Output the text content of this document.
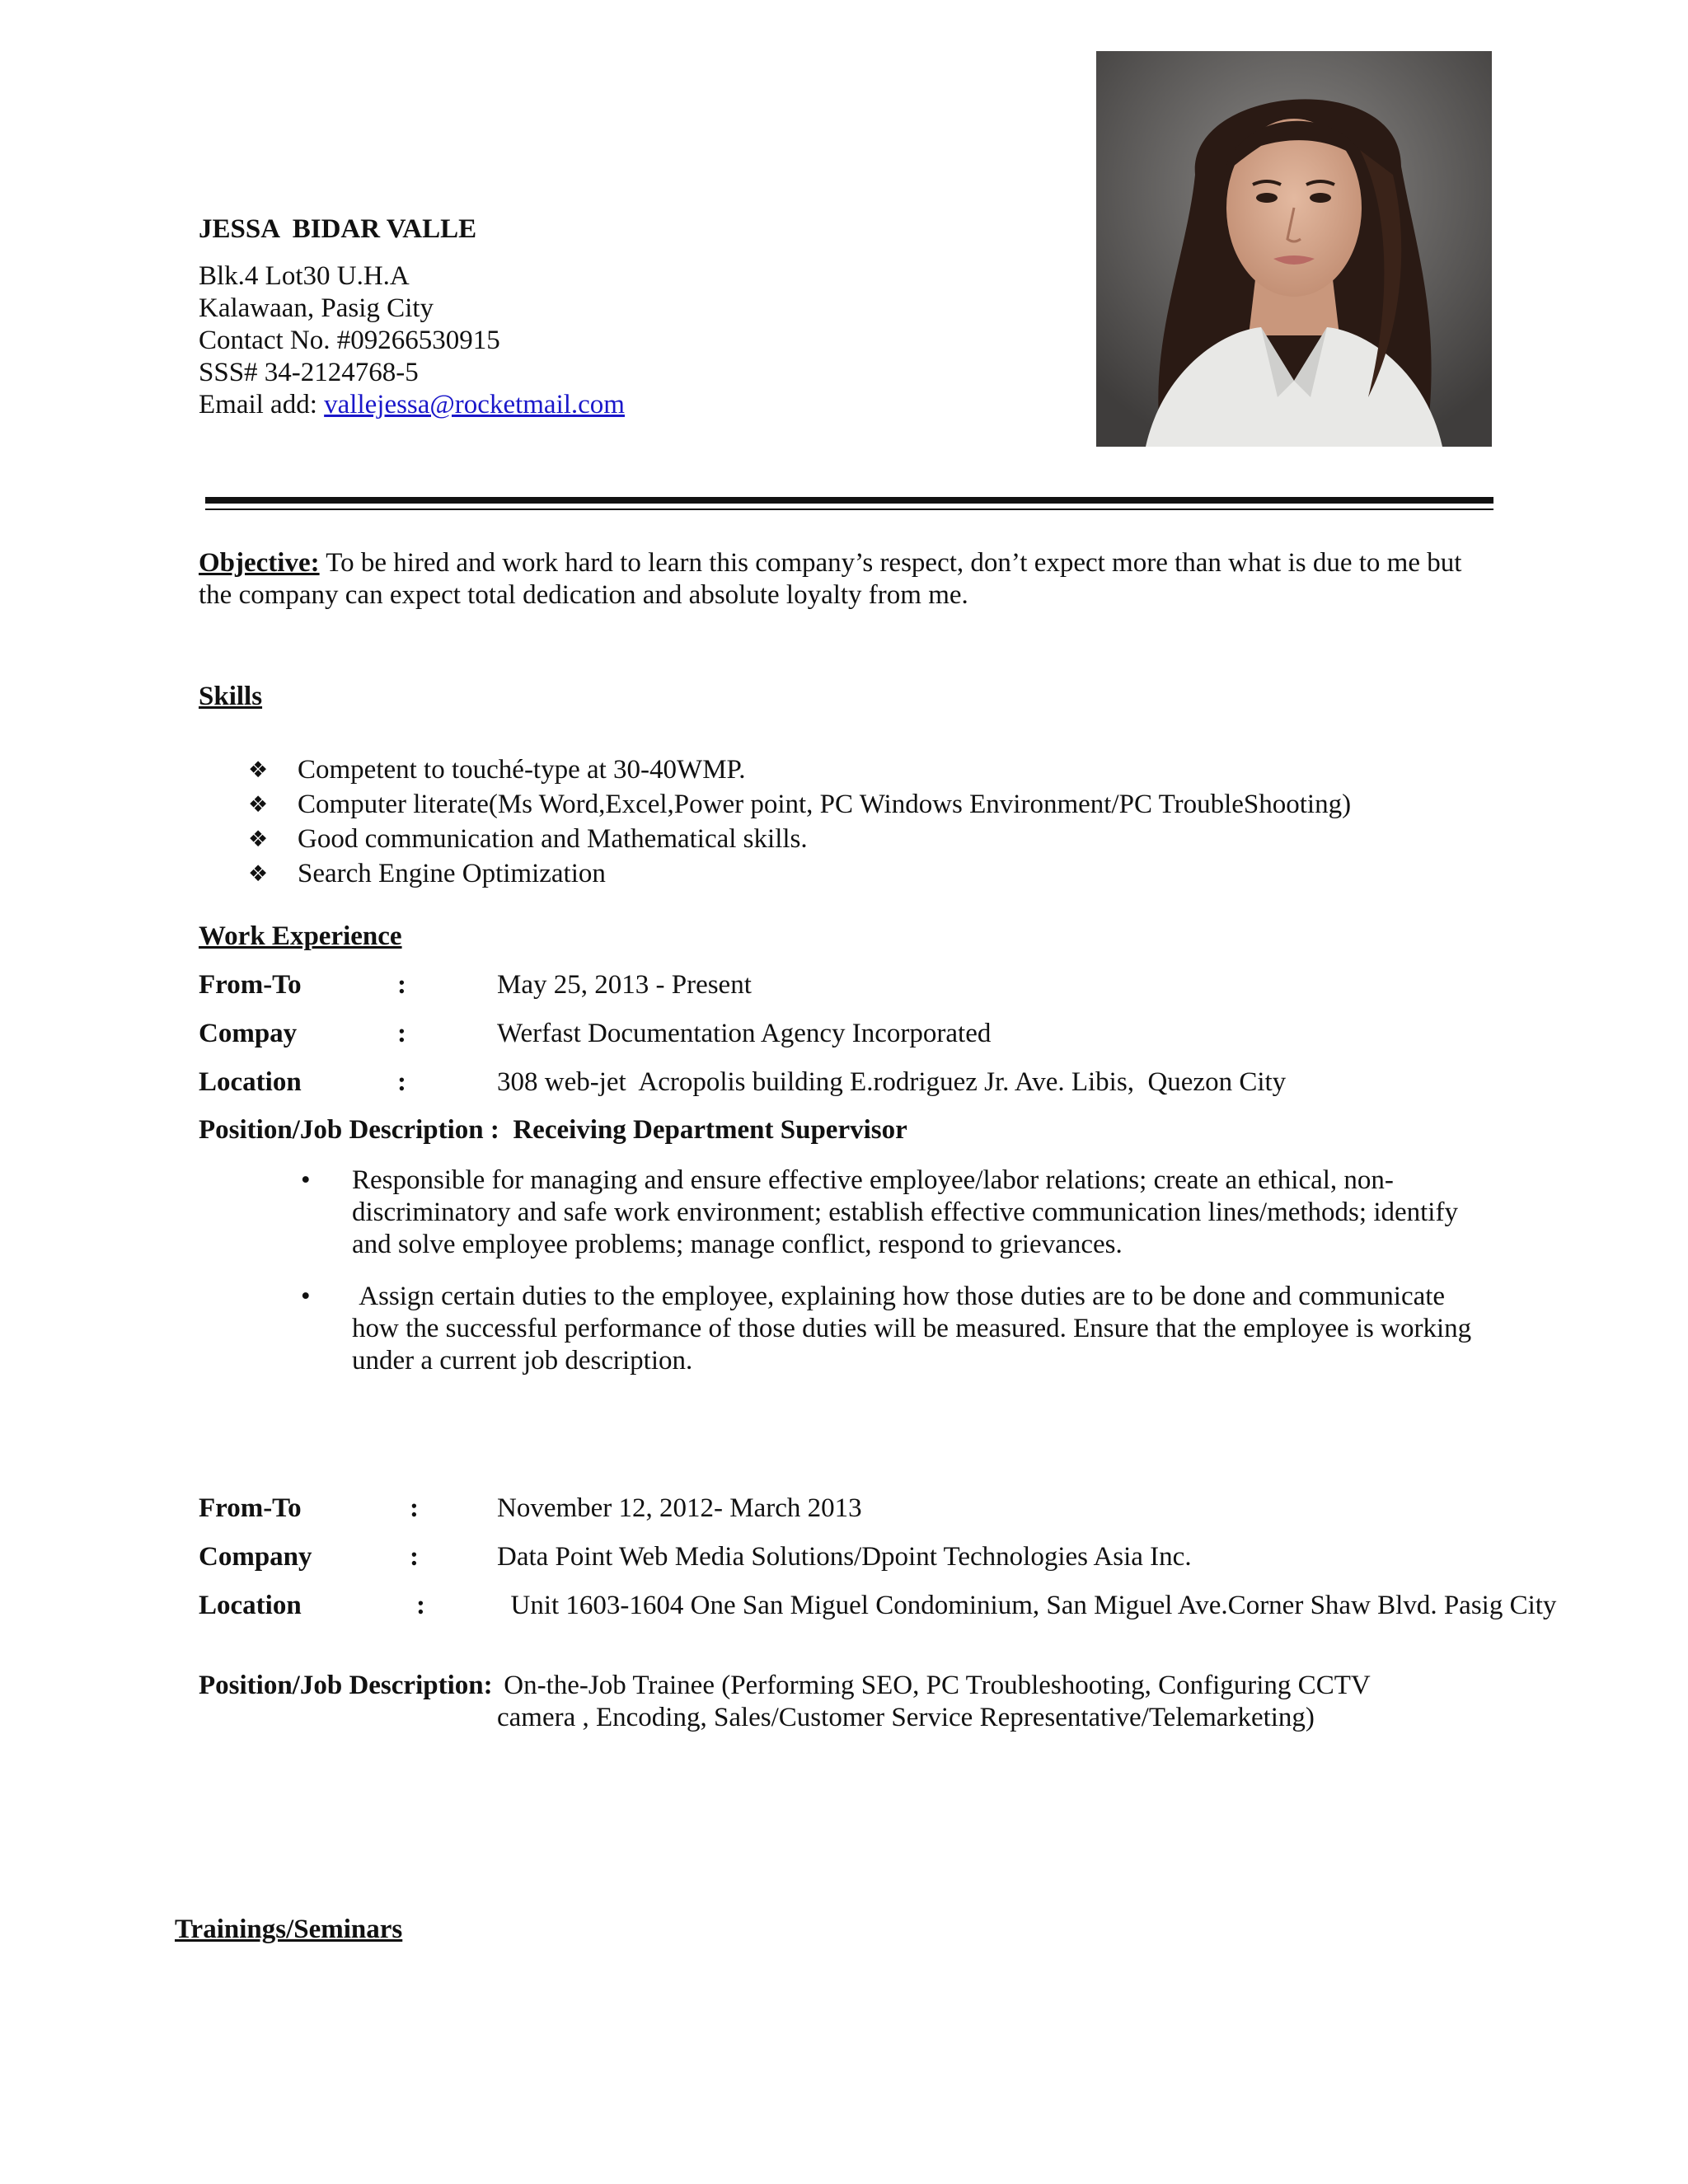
JESSA  BIDAR VALLE
Blk.4 Lot30 U.H.A
Kalawaan, Pasig City
Contact No. #09266530915
SSS# 34-2124768-5
Email add: vallejessa@rocketmail.com
Objective: To be hired and work hard to learn this company’s respect, don’t expect more than what is due to me but the company can expect total dedication and absolute loyalty from me.
Skills
❖ Competent to touché-type at 30-40WMP.
❖ Computer literate(Ms Word,Excel,Power point, PC Windows Environment/PC TroubleShooting)
❖ Good communication and Mathematical skills.
❖ Search Engine Optimization
Work Experience
From-To	:	May 25, 2013 - Present
Compay	:	Werfast Documentation Agency Incorporated
Location	:	308 web-jet  Acropolis building E.rodriguez Jr. Ave. Libis,  Quezon City
Position/Job Description :  Receiving Department Supervisor
• Responsible for managing and ensure effective employee/labor relations; create an ethical, non-discriminatory and safe work environment; establish effective communication lines/methods; identify and solve employee problems; manage conflict, respond to grievances.
• Assign certain duties to the employee, explaining how those duties are to be done and communicate how the successful performance of those duties will be measured. Ensure that the employee is working under a current job description.
From-To	:	November 12, 2012- March 2013
Company	:	Data Point Web Media Solutions/Dpoint Technologies Asia Inc.
Location	:	Unit 1603-1604 One San Miguel Condominium, San Miguel Ave.Corner Shaw Blvd. Pasig City
Position/Job Description: On-the-Job Trainee (Performing SEO, PC Troubleshooting, Configuring CCTV camera , Encoding, Sales/Customer Service Representative/Telemarketing)
Trainings/Seminars
